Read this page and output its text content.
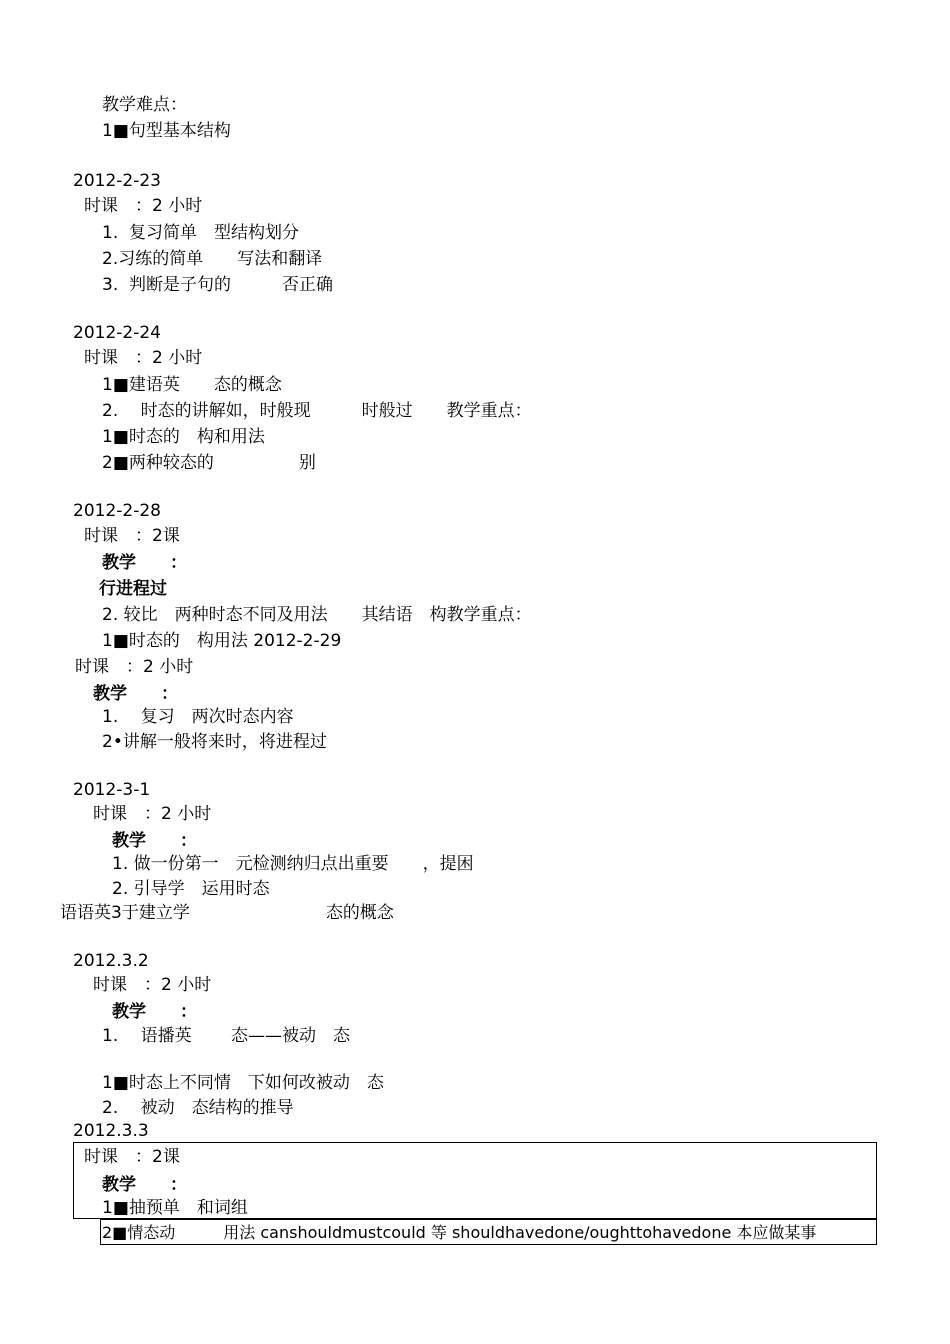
教学难点：
1■句型基本结构
2012-2-23
时课　：2 小时
1.  复习简单　型结构划分
2.习练的简单　　写法和翻译
3.  判断是子句的　　　否正确
2012-2-24
时课　：2 小时
1■建语英　　态的概念
2.　 时态的讲解如，时般现　　　时般过　　教学重点：
1■时态的　构和用法
2■两种较态的　　　　　别
2012-2-28
时课　：2课
教学　　：
行进程过
2. 较比　两种时态不同及用法　　其结语　构教学重点：
1■时态的　构用法 2012-2-29
时课　：2 小时
教学　　：
1.　 复习　两次时态内容
2•讲解一般将来时，将进程过
2012-3-1
时课　：2 小时
教学　　：
1. 做一份第一　元检测纳归点出重要　　，提困
2. 引导学　运用时态
语语英3于建立学　　　　　　　　态的概念
2012.3.2
时课　：2 小时
教学　　：
1.　 语播英　　 态——被动　态
1■时态上不同情　下如何改被动　态
2.　 被动　态结构的推导
2012.3.3
时课　：2课
教学　　：
1■抽预单　和词组
2■情态动　　　用法 canshouldmustcould 等 shouldhavedone/oughttohavedone 本应做某事
